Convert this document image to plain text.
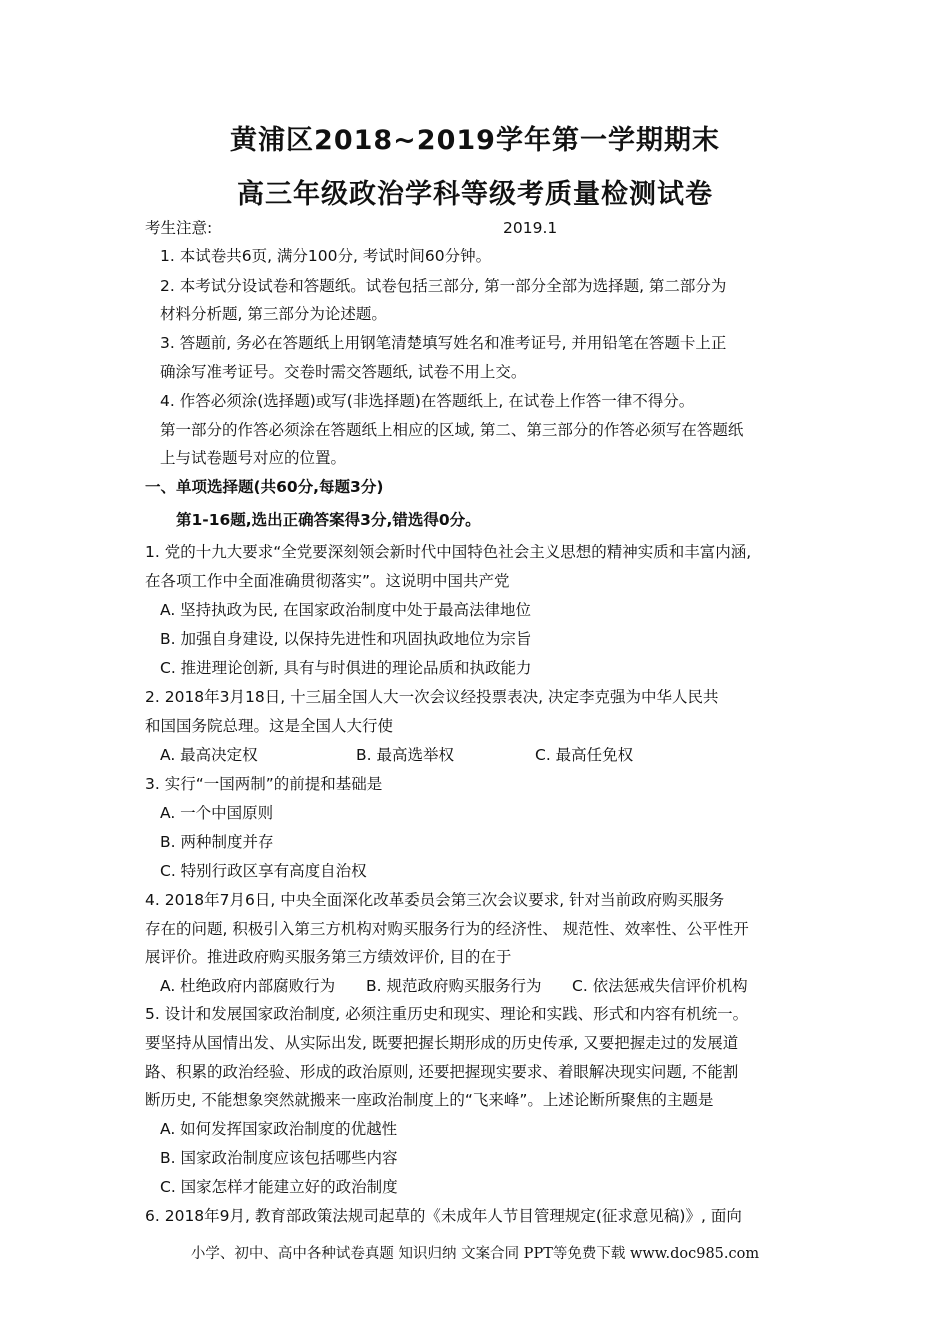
黄浦区2018~2019学年第一学期期末
高三年级政治学科等级考质量检测试卷
考生注意:	2019.1
1. 本试卷共6页, 满分100分, 考试时间60分钟。
2. 本考试分设试卷和答题纸。试卷包括三部分, 第一部分全部为选择题, 第二部分为
材料分析题, 第三部分为论述题。
3. 答题前, 务必在答题纸上用钢笔清楚填写姓名和准考证号, 并用铅笔在答题卡上正
确涂写准考证号。交卷时需交答题纸, 试卷不用上交。
4. 作答必须涂(选择题)或写(非选择题)在答题纸上, 在试卷上作答一律不得分。
第一部分的作答必须涂在答题纸上相应的区域, 第二、第三部分的作答必须写在答题纸
上与试卷题号对应的位置。
一、单项选择题(共60分,每题3分)
第1-16题,选出正确答案得3分,错选得0分。
1. 党的十九大要求“全党要深刻领会新时代中国特色社会主义思想的精神实质和丰富内涵,
在各项工作中全面准确贯彻落实”。这说明中国共产党
A. 坚持执政为民, 在国家政治制度中处于最高法律地位
B. 加强自身建设, 以保持先进性和巩固执政地位为宗旨
C. 推进理论创新, 具有与时俱进的理论品质和执政能力
2. 2018年3月18日, 十三届全国人大一次会议经投票表决, 决定李克强为中华人民共
和国国务院总理。这是全国人大行使
A. 最高决定权	B. 最高选举权	C. 最高任免权
3. 实行“一国两制”的前提和基础是
A. 一个中国原则
B. 两种制度并存
C. 特别行政区享有高度自治权
4. 2018年7月6日, 中央全面深化改革委员会第三次会议要求, 针对当前政府购买服务
存在的问题, 积极引入第三方机构对购买服务行为的经济性、 规范性、效率性、公平性开
展评价。推进政府购买服务第三方绩效评价, 目的在于
A. 杜绝政府内部腐败行为 B. 规范政府购买服务行为 C. 依法惩戒失信评价机构
5. 设计和发展国家政治制度, 必须注重历史和现实、理论和实践、形式和内容有机统一。
要坚持从国情出发、从实际出发, 既要把握长期形成的历史传承, 又要把握走过的发展道
路、积累的政治经验、形成的政治原则, 还要把握现实要求、着眼解决现实问题, 不能割
断历史, 不能想象突然就搬来一座政治制度上的“飞来峰”。上述论断所聚焦的主题是
A. 如何发挥国家政治制度的优越性
B. 国家政治制度应该包括哪些内容
C. 国家怎样才能建立好的政治制度
6. 2018年9月, 教育部政策法规司起草的《未成年人节目管理规定(征求意见稿)》, 面向
小学、初中、高中各种试卷真题 知识归纳 文案合同 PPT等免费下载 www.doc985.com
